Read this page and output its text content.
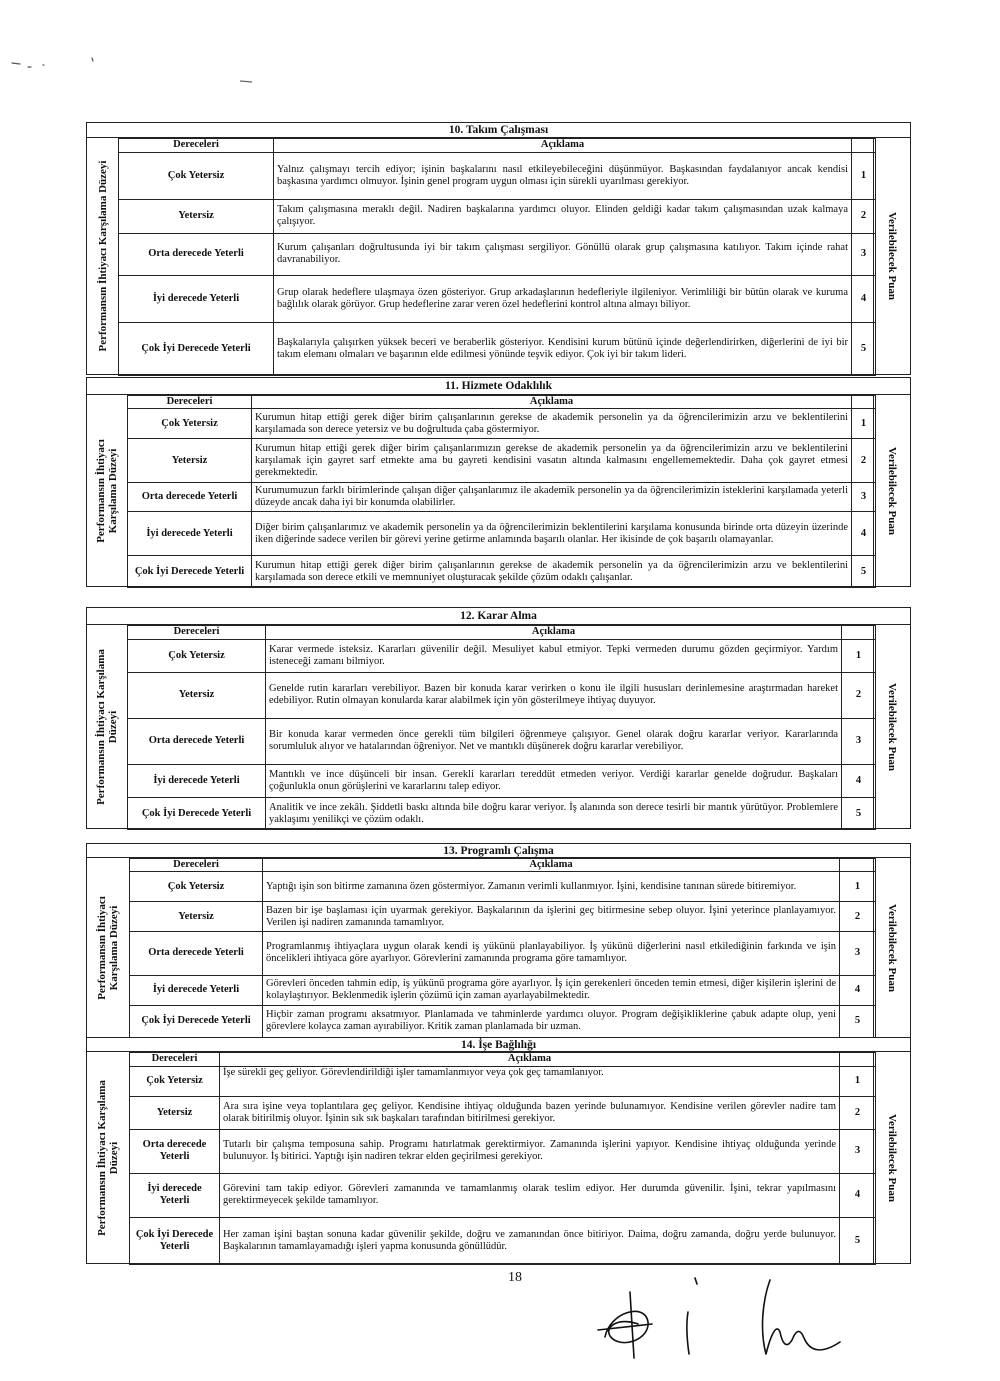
10. Takım Çalışması
Performansın İhtiyacı Karşılama Düzeyi	Verilebilecek Puan
Dereceleri	Açıklama	
Çok Yetersiz	Yalnız çalışmayı tercih ediyor; işinin başkalarını nasıl etkileyebileceğini düşünmüyor. Başkasından faydalanıyor ancak kendisi başkasına yardımcı olmuyor. İşinin genel program uygun olması için sürekli uyarılması gerekiyor.	1
Yetersiz	Takım çalışmasına meraklı değil. Nadiren başkalarına yardımcı oluyor. Elinden geldiği kadar takım çalışmasından uzak kalmaya çalışıyor.	2
Orta derecede Yeterli	Kurum çalışanları doğrultusunda iyi bir takım çalışması sergiliyor. Gönüllü olarak grup çalışmasına katılıyor. Takım içinde rahat davranabiliyor.	3
İyi derecede Yeterli	Grup olarak hedeflere ulaşmaya özen gösteriyor. Grup arkadaşlarının hedefleriyle ilgileniyor. Verimliliği bir bütün olarak ve kuruma bağlılık olarak görüyor. Grup hedeflerine zarar veren özel hedeflerini kontrol altına almayı biliyor.	4
Çok İyi Derecede Yeterli	Başkalarıyla çalışırken yüksek beceri ve beraberlik gösteriyor. Kendisini kurum bütünü içinde değerlendirirken, diğerlerini de iyi bir takım elemanı olmaları ve başarının elde edilmesi yönünde teşvik ediyor. Çok iyi bir takım lideri.	5
11. Hizmete Odaklılık
Performansın İhtiyacı Karşılama Düzeyi	Verilebilecek Puan
Dereceleri	Açıklama	
Çok Yetersiz	Kurumun hitap ettiği gerek diğer birim çalışanlarının gerekse de akademik personelin ya da öğrencilerimizin arzu ve beklentilerini karşılamada son derece yetersiz ve bu doğrultuda çaba göstermiyor.	1
Yetersiz	Kurumun hitap ettiği gerek diğer birim çalışanlarımızın gerekse de akademik personelin ya da öğrencilerimizin arzu ve beklentilerini karşılamak için gayret sarf etmekte ama bu gayreti kendisini vasatın altında kalmasını engellememektedir. Daha çok gayret etmesi gerekmektedir.	2
Orta derecede Yeterli	Kurumumuzun farklı birimlerinde çalışan diğer çalışanlarımız ile akademik personelin ya da öğrencilerimizin isteklerini karşılamada yeterli düzeyde ancak daha iyi bir konumda olabilirler.	3
İyi derecede Yeterli	Diğer birim çalışanlarımız ve akademik personelin ya da öğrencilerimizin beklentilerini karşılama konusunda birinde orta düzeyin üzerinde iken diğerinde sadece verilen bir görevi yerine getirme anlamında başarılı olanlar. Her ikisinde de çok başarılı olamayanlar.	4
Çok İyi Derecede Yeterli	Kurumun hitap ettiği gerek diğer birim çalışanlarının gerekse de akademik personelin ya da öğrencilerimizin arzu ve beklentilerini karşılamada son derece etkili ve memnuniyet oluşturacak şekilde çözüm odaklı çalışanlar.	5
12. Karar Alma
Performansın İhtiyacı Karşılama Düzeyi	Verilebilecek Puan
Dereceleri	Açıklama	
Çok Yetersiz	Karar vermede isteksiz. Kararları güvenilir değil. Mesuliyet kabul etmiyor. Tepki vermeden durumu gözden geçirmiyor. Yardım isteneceği zamanı bilmiyor.	1
Yetersiz	Genelde rutin kararları verebiliyor. Bazen bir konuda karar verirken o konu ile ilgili hususları derinlemesine araştırmadan hareket edebiliyor. Rutin olmayan konularda karar alabilmek için yön gösterilmeye ihtiyaç duyuyor.	2
Orta derecede Yeterli	Bir konuda karar vermeden önce gerekli tüm bilgileri öğrenmeye çalışıyor. Genel olarak doğru kararlar veriyor. Kararlarında sorumluluk alıyor ve hatalarından öğreniyor. Net ve mantıklı düşünerek doğru kararlar verebiliyor.	3
İyi derecede Yeterli	Mantıklı ve ince düşünceli bir insan. Gerekli kararları tereddüt etmeden veriyor. Verdiği kararlar genelde doğrudur. Başkaları çoğunlukla onun görüşlerini ve kararlarını talep ediyor.	4
Çok İyi Derecede Yeterli	Analitik ve ince zekâlı. Şiddetli baskı altında bile doğru karar veriyor. İş alanında son derece tesirli bir mantık yürütüyor. Problemlere yaklaşımı yenilikçi ve çözüm odaklı.	5
13. Programlı Çalışma
Performansın İhtiyacı Karşılama Düzeyi	Verilebilecek Puan
Dereceleri	Açıklama	
Çok Yetersiz	Yaptığı işin son bitirme zamanına özen göstermiyor. Zamanın verimli kullanmıyor. İşini, kendisine tanınan sürede bitiremiyor.	1
Yetersiz	Bazen bir işe başlaması için uyarmak gerekiyor. Başkalarının da işlerini geç bitirmesine sebep oluyor. İşini yeterince planlayamıyor. Verilen işi nadiren zamanında tamamlıyor.	2
Orta derecede Yeterli	Programlanmış ihtiyaçlara uygun olarak kendi iş yükünü planlayabiliyor. İş yükünü diğerlerini nasıl etkilediğinin farkında ve işin öncelikleri ihtiyaca göre ayarlıyor. Görevlerini zamanında programa göre tamamlıyor.	3
İyi derecede Yeterli	Görevleri önceden tahmin edip, iş yükünü programa göre ayarlıyor. İş için gerekenleri önceden temin etmesi, diğer kişilerin işlerini de kolaylaştırıyor. Beklenmedik işlerin çözümü için zaman ayarlayabilmektedir.	4
Çok İyi Derecede Yeterli	Hiçbir zaman programı aksatmıyor. Planlamada ve tahminlerde yardımcı oluyor. Program değişikliklerine çabuk adapte olup, yeni görevlere kolayca zaman ayırabiliyor. Kritik zaman planlamada bir uzman.	5
14. İşe Bağlılığı
Performansın İhtiyacı Karşılama Düzeyi	Verilebilecek Puan
Dereceleri	Açıklama	
Çok Yetersiz	İşe sürekli geç geliyor. Görevlendirildiği işler tamamlanmıyor veya çok geç tamamlanıyor.	1
Yetersiz	Ara sıra işine veya toplantılara geç geliyor. Kendisine ihtiyaç olduğunda bazen yerinde bulunamıyor. Kendisine verilen görevler nadire tam olarak bitirilmiş oluyor. İşinin sık sık başkaları tarafından bitirilmesi gerekiyor.	2
Orta derecede Yeterli	Tutarlı bir çalışma temposuna sahip. Programı hatırlatmak gerektirmiyor. Zamanında işlerini yapıyor. Kendisine ihtiyaç olduğunda yerinde bulunuyor. İş bitirici. Yaptığı işin nadiren tekrar elden geçirilmesi gerekiyor.	3
İyi derecede Yeterli	Görevini tam takip ediyor. Görevleri zamanında ve tamamlanmış olarak teslim ediyor. Her durumda güvenilir. İşini, tekrar yapılmasını gerektirmeyecek şekilde tamamlıyor.	4
Çok İyi Derecede Yeterli	Her zaman işini baştan sonuna kadar güvenilir şekilde, doğru ve zamanından önce bitiriyor. Daima, doğru zamanda, doğru yerde bulunuyor. Başkalarının tamamlayamadığı işleri yapma konusunda gönüllüdür.	5
18
